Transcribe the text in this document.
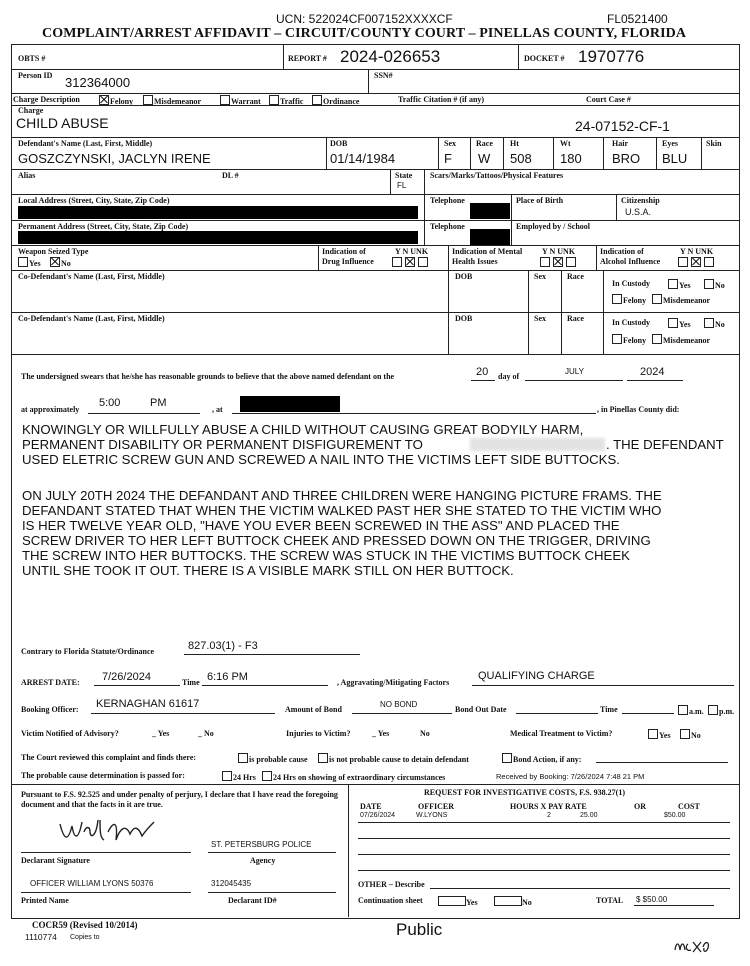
UCN: 522024CF007152XXXXCF	FL0521400
COMPLAINT/ARREST AFFIDAVIT – CIRCUIT/COUNTY COURT – PINELLAS COUNTY, FLORIDA
OBTS #	REPORT # 2024-026653	DOCKET # 1970776
Person ID 312364000	SSN#
Charge Description	Felony	Misdemeanor	Warrant	Traffic	Ordinance	Traffic Citation # (if any)	Court Case #
Charge
CHILD ABUSE	24-07152-CF-1
Defendant's Name (Last, First, Middle)
GOSZCZYNSKI, JACLYN IRENE
DOB
01/14/1984
Sex
F
Race
W
Ht
508
Wt
180
Hair
BRO
Eyes
BLU
Skin
Alias	DL #	State
FL
Scars/Marks/Tattoos/Physical Features
Local Address (Street, City, State, Zip Code)	Telephone	Place of Birth	Citizenship
U.S.A.
Permanent Address (Street, City, State, Zip Code)	Telephone	Employed by / School
Weapon Seized Type
Yes	No
Indication of
Drug Influence
Y N UNK
	Indication of Mental
Health Issues
Y N UNK
	Indication of
Alcohol Influence
Y N UNK

Co-Defendant's Name (Last, First, Middle)	DOB	Sex	Race
In Custody	Yes	No
Felony	Misdemeanor
Co-Defendant's Name (Last, First, Middle)	DOB	Sex	Race	In Custody	Yes	No
Felony	Misdemeanor
The undersigned swears that he/she has reasonable grounds to believe that the above named defendant on the	20 day of
JULY	2024
at approximately
5:00	PM
, at	, in Pinellas County did:
KNOWINGLY OR WILLFULLY ABUSE A CHILD WITHOUT CAUSING GREAT BODYILY HARM,
PERMANENT DISABILITY OR PERMANENT DISFIGUREMENT TO	. THE DEFENDANT
USED ELETRIC SCREW GUN AND SCREWED A NAIL INTO THE VICTIMS LEFT SIDE BUTTOCKS.
ON JULY 20TH 2024 THE DEFANDANT AND THREE CHILDREN WERE HANGING PICTURE FRAMS. THE
DEFANDANT STATED THAT WHEN THE VICTIM WALKED PAST HER SHE STATED TO THE VICTIM WHO
IS HER TWELVE YEAR OLD, "HAVE YOU EVER BEEN SCREWED IN THE ASS" AND PLACED THE
SCREW DRIVER TO HER LEFT BUTTOCK CHEEK AND PRESSED DOWN ON THE TRIGGER, DRIVING
THE SCREW INTO HER BUTTOCKS. THE SCREW WAS STUCK IN THE VICTIMS BUTTOCK CHEEK
UNTIL SHE TOOK IT OUT. THERE IS A VISIBLE MARK STILL ON HER BUTTOCK.
Contrary to Florida Statute/Ordinance	827.03(1) - F3
ARREST DATE: 7/26/2024	Time 6:16 PM	, Aggravating/Mitigating Factors
QUALIFYING CHARGE
Booking Officer: KERNAGHAN 61617	Amount of Bond
NO BOND
Bond Out Date	Time	a.m.	p.m.
Victim Notified of Advisory?	_ Yes	_ No	Injuries to Victim?	_ Yes	No	Medical Treatment to Victim?	Yes	No
The Court reviewed this complaint and finds there:	is probable cause	is not probable cause to detain defendant	Bond Action, if any:
The probable cause determination is passed for:	24 Hrs	24 Hrs on showing of extraordinary circumstances	Received by Booking: 7/26/2024 7:48 21 PM
Pursuant to F.S. 92.525 and under penalty of perjury, I declare that I have read the foregoing document and that the facts in it are true.
ST. PETERSBURG POLICE
Declarant Signature	Agency
OFFICER WILLIAM LYONS 50376	312045435
Printed Name	Declarant ID#
REQUEST FOR INVESTIGATIVE COSTS, F.S. 938.27(1)
DATE	OFFICER	HOURS X PAY RATE	OR	COST
07/26/2024	W.LYONS	2	25.00	$50.00
OTHER – Describe
Continuation sheet	Yes	No	TOTAL $ $50.00
COCR59 (Revised 10/2014)
1110774 Copies to	Public
